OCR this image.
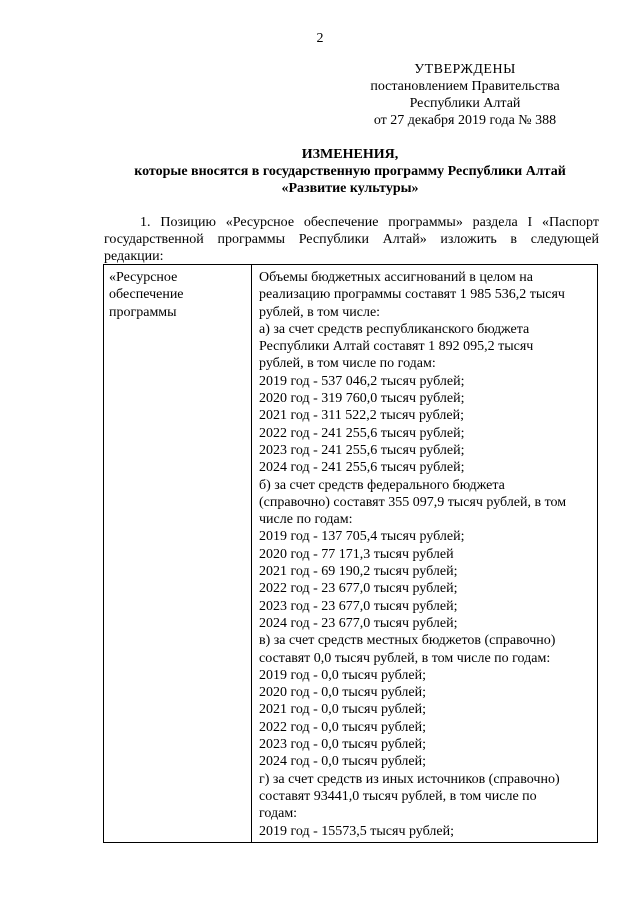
2
УТВЕРЖДЕНЫ
постановлением Правительства
Республики Алтай
от 27 декабря 2019 года № 388
ИЗМЕНЕНИЯ,
которые вносятся в государственную программу Республики Алтай
«Развитие культуры»
1. Позицию «Ресурсное обеспечение программы» раздела I «Паспорт
государственной программы Республики Алтай» изложить в следующей
редакции:
«Ресурсное
обеспечение
программы
Объемы бюджетных ассигнований в целом на
реализацию программы составят 1 985 536,2 тысяч
рублей, в том числе:
а) за счет средств республиканского бюджета
Республики Алтай составят 1 892 095,2 тысяч
рублей, в том числе по годам:
2019 год - 537 046,2 тысяч рублей;
2020 год - 319 760,0 тысяч рублей;
2021 год - 311 522,2 тысяч рублей;
2022 год - 241 255,6 тысяч рублей;
2023 год - 241 255,6 тысяч рублей;
2024 год - 241 255,6 тысяч рублей;
б) за счет средств федерального бюджета
(справочно) составят 355 097,9 тысяч рублей, в том
числе по годам:
2019 год - 137 705,4 тысяч рублей;
2020 год - 77 171,3 тысяч рублей
2021 год - 69 190,2 тысяч рублей;
2022 год - 23 677,0 тысяч рублей;
2023 год - 23 677,0 тысяч рублей;
2024 год - 23 677,0 тысяч рублей;
в) за счет средств местных бюджетов (справочно)
составят 0,0 тысяч рублей, в том числе по годам:
2019 год - 0,0 тысяч рублей;
2020 год - 0,0 тысяч рублей;
2021 год - 0,0 тысяч рублей;
2022 год - 0,0 тысяч рублей;
2023 год - 0,0 тысяч рублей;
2024 год - 0,0 тысяч рублей;
г) за счет средств из иных источников (справочно)
составят 93441,0 тысяч рублей, в том числе по
годам:
2019 год - 15573,5 тысяч рублей;
